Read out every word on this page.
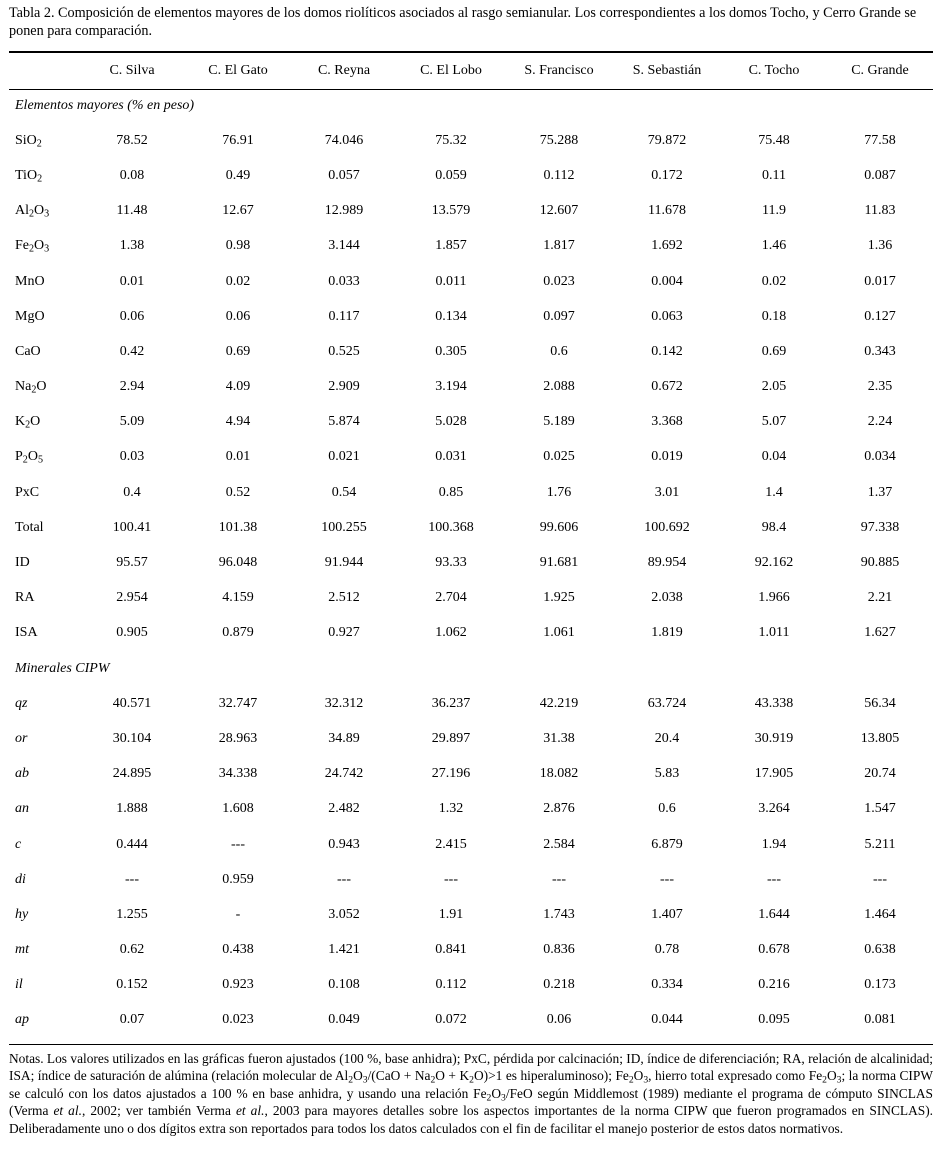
Tabla 2. Composición de elementos mayores de los domos riolíticos asociados al rasgo semianular. Los correspondientes a los domos Tocho, y Cerro Grande se ponen para comparación.
	C. Silva	C. El Gato	C. Reyna	C. El Lobo	S. Francisco	S. Sebastián	C. Tocho	C. Grande
Elementos mayores (% en peso)								
SiO$_2$	78.52	76.91	74.046	75.32	75.288	79.872	75.48	77.58
TiO$_2$	0.08	0.49	0.057	0.059	0.112	0.172	0.11	0.087
$Al_2O_3$	11.48	12.67	12.989	13.579	12.607	11.678	11.9	11.83
$Fe_2O_3$	1.38	0.98	3.144	1.857	1.817	1.692	1.46	1.36
MnO	0.01	0.02	0.033	0.011	0.023	0.004	0.02	0.017
MgO	0.06	0.06	0.117	0.134	0.097	0.063	0.18	0.127
CaO	0.42	0.69	0.525	0.305	0.6	0.142	0.69	0.343
$Na_2O$	2.94	4.09	2.909	3.194	2.088	0.672	2.05	2.35
$K_2O$	5.09	4.94	5.874	5.028	5.189	3.368	5.07	2.24
$P_2O_5$	0.03	0.01	0.021	0.031	0.025	0.019	0.04	0.034
PxC	0.4	0.52	0.54	0.85	1.76	3.01	1.4	1.37
Total	100.41	101.38	100.255	100.368	99.606	100.692	98.4	97.338
ID	95.57	96.048	91.944	93.33	91.681	89.954	92.162	90.885
RA	2.954	4.159	2.512	2.704	1.925	2.038	1.966	2.21
ISA	0.905	0.879	0.927	1.062	1.061	1.819	1.011	1.627
Minerales CIPW								
qz	40.571	32.747	32.312	36.237	42.219	63.724	43.338	56.34
or	30.104	28.963	34.89	29.897	31.38	20.4	30.919	13.805
ab	24.895	34.338	24.742	27.196	18.082	5.83	17.905	20.74
an	1.888	1.608	2.482	1.32	2.876	0.6	3.264	1.547
c	0.444	---	0.943	2.415	2.584	6.879	1.94	5.211
di	---	0.959	---	---	---	---	---	---
hy	1.255	-	3.052	1.91	1.743	1.407	1.644	1.464
mt	0.62	0.438	1.421	0.841	0.836	0.78	0.678	0.638
il	0.152	0.923	0.108	0.112	0.218	0.334	0.216	0.173
ap	0.07	0.023	0.049	0.072	0.06	0.044	0.095	0.081
Notas. Los valores utilizados en las gráficas fueron ajustados (100 %, base anhidra); PxC, pérdida por calcinación; ID, índice de diferenciación; RA, relación de alcalinidad; ISA; índice de saturación de alúmina (relación molecular de $Al_2O_3/(CaO + Na_2O + K_2O)>1$ es hiperaluminoso); $Fe_2O_3$, hierro total expresado como $Fe_2O_3$; la norma CIPW se calculó con los datos ajustados a 100 % en base anhidra, y usando una relación $Fe_2O_3$/FeO según Middlemost (1989) mediante el programa de cómputo SINCLAS (Verma et al., 2002; ver también Verma et al., 2003 para mayores detalles sobre los aspectos importantes de la norma CIPW que fueron programados en SINCLAS). Deliberadamente uno o dos dígitos extra son reportados para todos los datos calculados con el fin de facilitar el manejo posterior de estos datos normativos.
